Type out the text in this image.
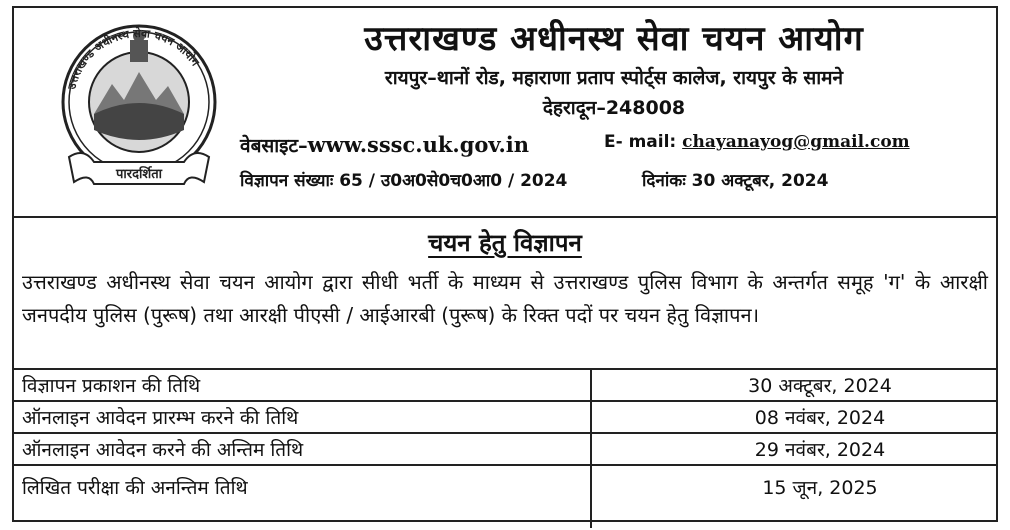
उत्तराखण्ड अधीनस्थ सेवा चयन आयोग
पारदर्शिता
उत्तराखण्ड अधीनस्थ सेवा चयन आयोग
रायपुर–थानों रोड, महाराणा प्रताप स्पोर्ट्स कालेज, रायपुर के सामने
देहरादून–248008
वेबसाइट–www.sssc.uk.gov.in	E- mail: chayanayog@gmail.com
विज्ञापन संख्याः 65 / उ0अ0से0च0आ0 / 2024	दिनांकः 30 अक्टूबर, 2024
चयन हेतु विज्ञापन
उत्तराखण्ड अधीनस्थ सेवा चयन आयोग द्वारा सीधी भर्ती के माध्यम से उत्तराखण्ड पुलिस विभाग के अन्तर्गत समूह 'ग' के आरक्षी जनपदीय पुलिस (पुरूष) तथा आरक्षी पीएसी / आईआरबी (पुरूष) के रिक्त पदों पर चयन हेतु विज्ञापन।
विज्ञापन प्रकाशन की तिथि	30 अक्टूबर, 2024
ऑनलाइन आवेदन प्रारम्भ करने की तिथि	08 नवंबर, 2024
ऑनलाइन आवेदन करने की अन्तिम तिथि	29 नवंबर, 2024
लिखित परीक्षा की अनन्तिम तिथि	15 जून, 2025
